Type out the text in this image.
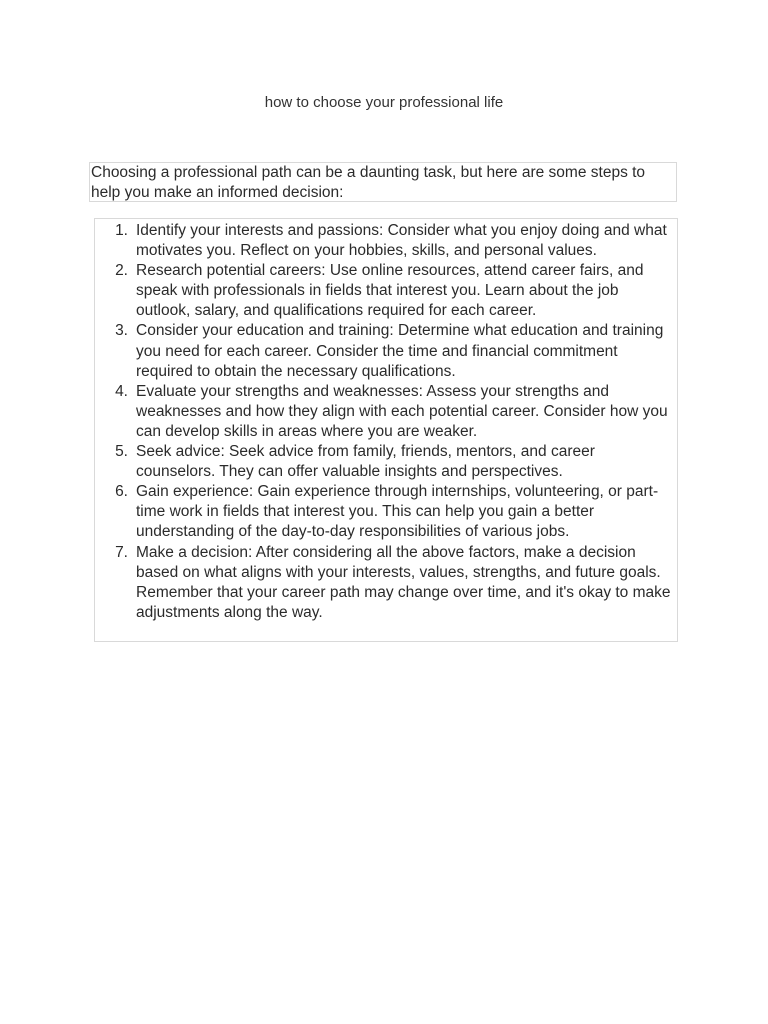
how to choose your professional life
Choosing a professional path can be a daunting task, but here are some steps to help you make an informed decision:
1. Identify your interests and passions: Consider what you enjoy doing and what motivates you. Reflect on your hobbies, skills, and personal values.
2. Research potential careers: Use online resources, attend career fairs, and speak with professionals in fields that interest you. Learn about the job outlook, salary, and qualifications required for each career.
3. Consider your education and training: Determine what education and training you need for each career. Consider the time and financial commitment required to obtain the necessary qualifications.
4. Evaluate your strengths and weaknesses: Assess your strengths and weaknesses and how they align with each potential career. Consider how you can develop skills in areas where you are weaker.
5. Seek advice: Seek advice from family, friends, mentors, and career counselors. They can offer valuable insights and perspectives.
6. Gain experience: Gain experience through internships, volunteering, or part-time work in fields that interest you. This can help you gain a better understanding of the day-to-day responsibilities of various jobs.
7. Make a decision: After considering all the above factors, make a decision based on what aligns with your interests, values, strengths, and future goals. Remember that your career path may change over time, and it's okay to make adjustments along the way.
